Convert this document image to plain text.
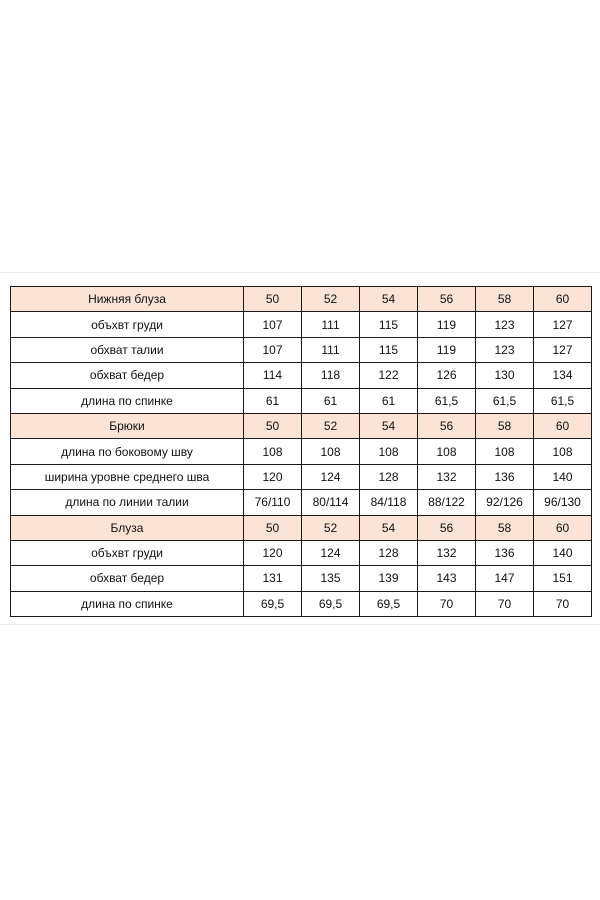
Нижняя блуза	50	52	54	56	58	60
объхвт груди	107	111	115	119	123	127
обхват талии	107	111	115	119	123	127
обхват бедер	114	118	122	126	130	134
длина по спинке	61	61	61	61,5	61,5	61,5
Брюки	50	52	54	56	58	60
длина по боковому шву	108	108	108	108	108	108
ширина уровне среднего шва	120	124	128	132	136	140
длина по линии талии	76/110	80/114	84/118	88/122	92/126	96/130
Блуза	50	52	54	56	58	60
объхвт груди	120	124	128	132	136	140
обхват бедер	131	135	139	143	147	151
длина по спинке	69,5	69,5	69,5	70	70	70
